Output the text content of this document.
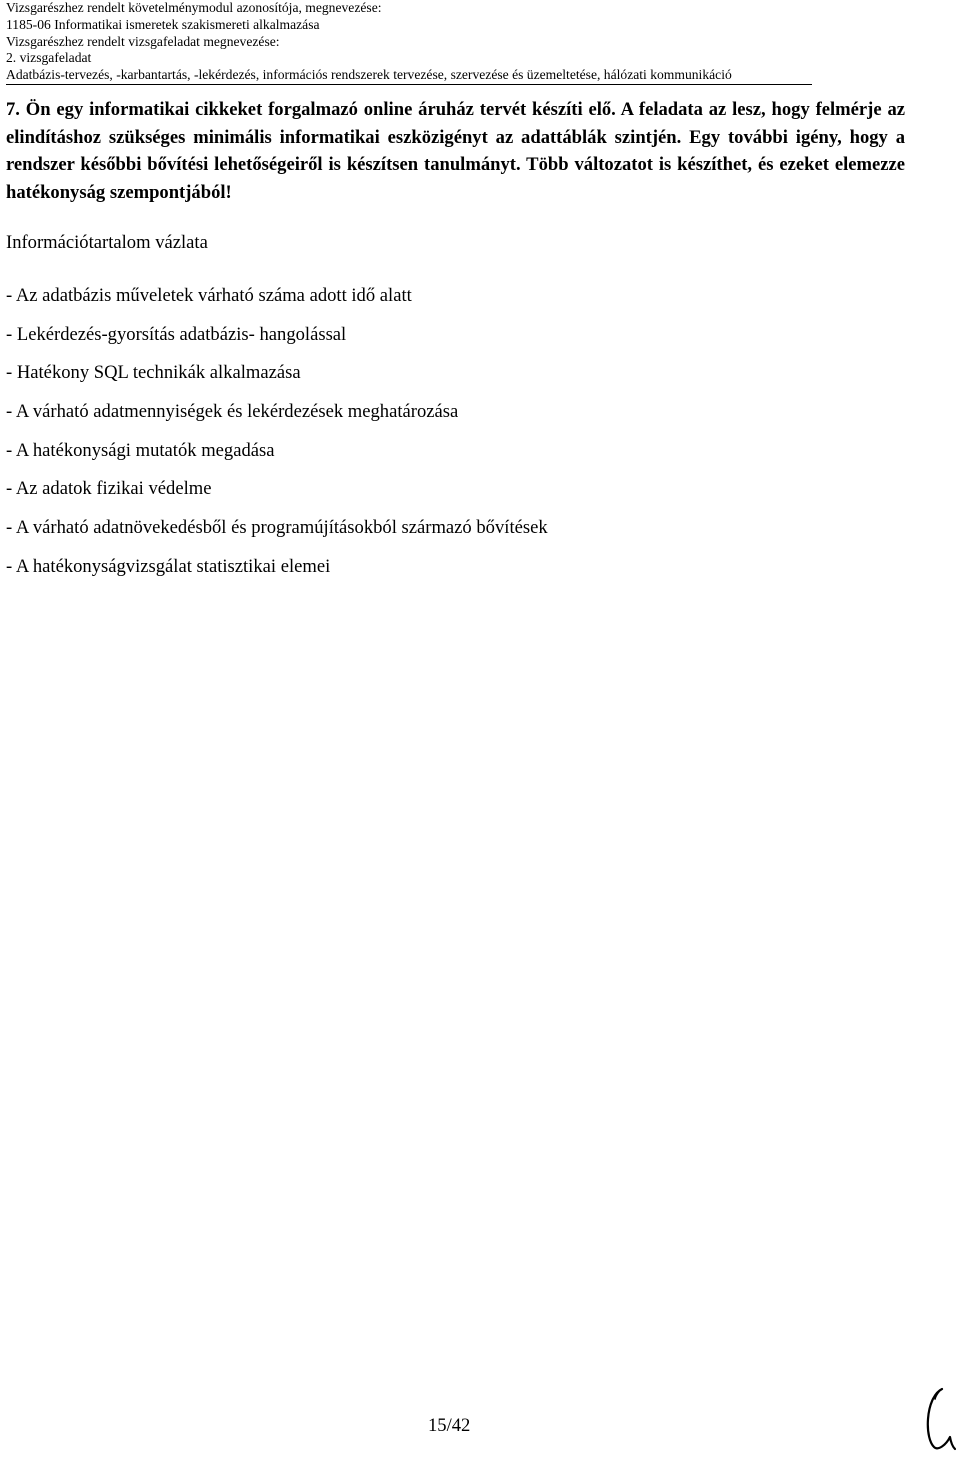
Vizsgarészhez rendelt követelménymodul azonosítója, megnevezése:
1185-06 Informatikai ismeretek szakismereti alkalmazása
Vizsgarészhez rendelt vizsgafeladat megnevezése:
2. vizsgafeladat
Adatbázis-tervezés, -karbantartás, -lekérdezés, információs rendszerek tervezése, szervezése és üzemeltetése, hálózati kommunikáció
7. Ön egy informatikai cikkeket forgalmazó online áruház tervét készíti elő. A feladata az lesz, hogy felmérje az elindításhoz szükséges minimális informatikai eszközigényt az adattáblák szintjén. Egy további igény, hogy a rendszer későbbi bővítési lehetőségeiről is készítsen tanulmányt. Több változatot is készíthet, és ezeket elemezze hatékonyság szempontjából!
Információtartalom vázlata
- Az adatbázis műveletek várható száma adott idő alatt
- Lekérdezés-gyorsítás adatbázis- hangolással
- Hatékony SQL technikák alkalmazása
- A várható adatmennyiségek és lekérdezések meghatározása
- A hatékonysági mutatók megadása
- Az adatok fizikai védelme
- A várható adatnövekedésből és programújításokból származó bővítések
- A hatékonyságvizsgálat statisztikai elemei
15/42
